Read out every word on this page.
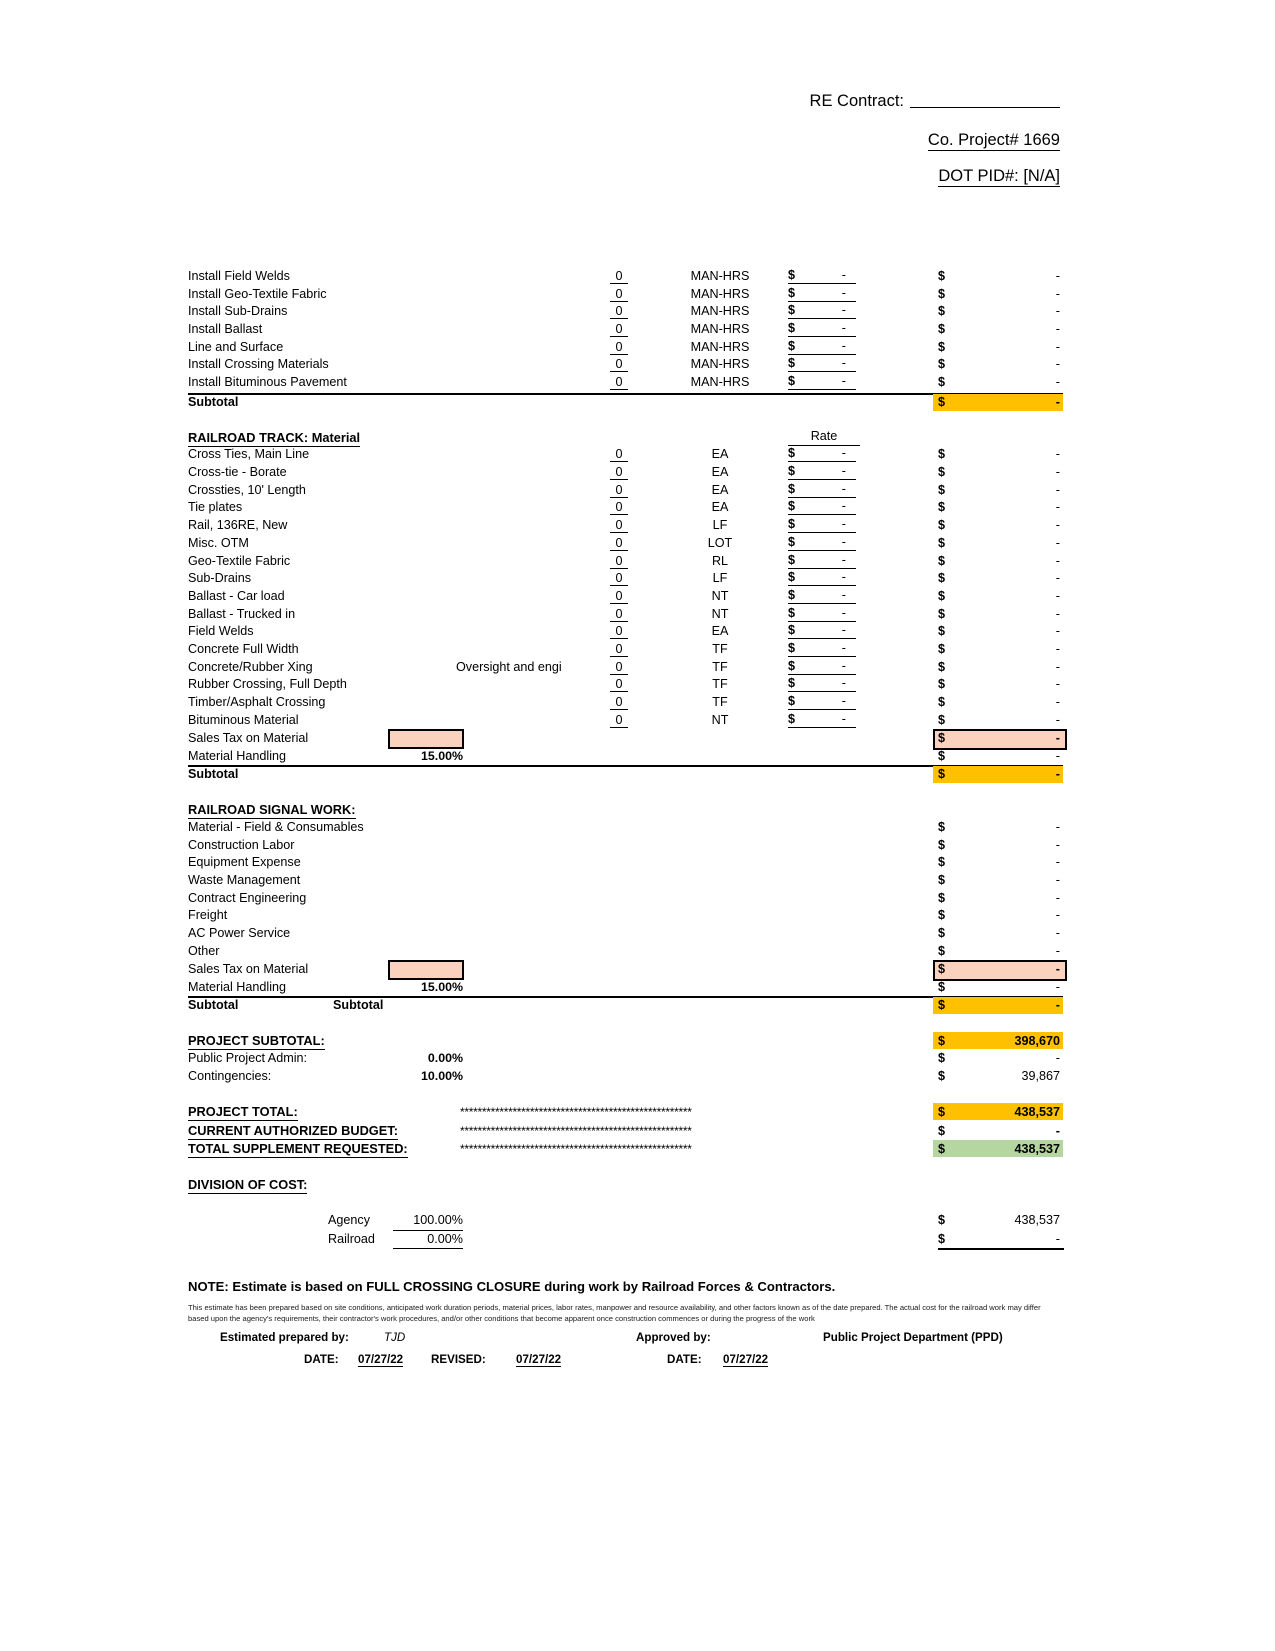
RE Contract:
Co. Project# 1669
DOT PID#: [N/A]
Install Field Welds	0	MAN-HRS	$	-	$	-
Install Geo-Textile Fabric	0	MAN-HRS	$	-	$	-
Install Sub-Drains	0	MAN-HRS	$	-	$	-
Install Ballast	0	MAN-HRS	$	-	$	-
Line and Surface	0	MAN-HRS	$	-	$	-
Install Crossing Materials	0	MAN-HRS	$	-	$	-
Install Bituminous Pavement	0	MAN-HRS	$	-	$	-
Subtotal	$	-
RAILROAD TRACK: Material	Rate
Cross Ties, Main Line	0	EA	$	-	$	-
Cross-tie - Borate	0	EA	$	-	$	-
Crossties, 10' Length	0	EA	$	-	$	-
Tie plates	0	EA	$	-	$	-
Rail, 136RE, New	0	LF	$	-	$	-
Misc. OTM	0	LOT	$	-	$	-
Geo-Textile Fabric	0	RL	$	-	$	-
Sub-Drains	0	LF	$	-	$	-
Ballast - Car load	0	NT	$	-	$	-
Ballast - Trucked in	0	NT	$	-	$	-
Field Welds	0	EA	$	-	$	-
Concrete Full Width	0	TF	$	-	$	-
Concrete/Rubber Xing	Oversight and engi	0	TF	$	-	$	-
Rubber Crossing, Full Depth	0	TF	$	-	$	-
Timber/Asphalt Crossing	0	TF	$	-	$	-
Bituminous Material	0	NT	$	-	$	-
Sales Tax on Material	$	-
Material Handling	15.00%	$	-
Subtotal	$	-
RAILROAD SIGNAL WORK:
Material - Field & Consumables	$	-
Construction Labor	$	-
Equipment Expense	$	-
Waste Management	$	-
Contract Engineering	$	-
Freight	$	-
AC Power Service	$	-
Other	$	-
Sales Tax on Material	$	-
Material Handling	15.00%	$	-
Subtotal	Subtotal	$	-
PROJECT SUBTOTAL:	$	398,670
Public Project Admin:	0.00%	$	-
Contingencies:	10.00%	$	39,867
PROJECT TOTAL:	*****************************************************	$	438,537
CURRENT AUTHORIZED BUDGET:	*****************************************************	$	-
TOTAL SUPPLEMENT REQUESTED:	*****************************************************	$	438,537
DIVISION OF COST:
Agency	100.00%	$	438,537
Railroad	0.00%	$	-
NOTE: Estimate is based on FULL CROSSING CLOSURE during work by Railroad Forces & Contractors.
This estimate has been prepared based on site conditions, anticipated work duration periods, material prices, labor rates, manpower and resource availability, and other factors known as of the date prepared. The actual cost for the railroad work may differ based upon the agency's requirements, their contractor's work procedures, and/or other conditions that become apparent once construction commences or during the progress of the work
Estimated prepared by:	TJD	Approved by:	Public Project Department (PPD)
DATE: 07/27/22 REVISED:	07/27/22	DATE: 07/27/22
